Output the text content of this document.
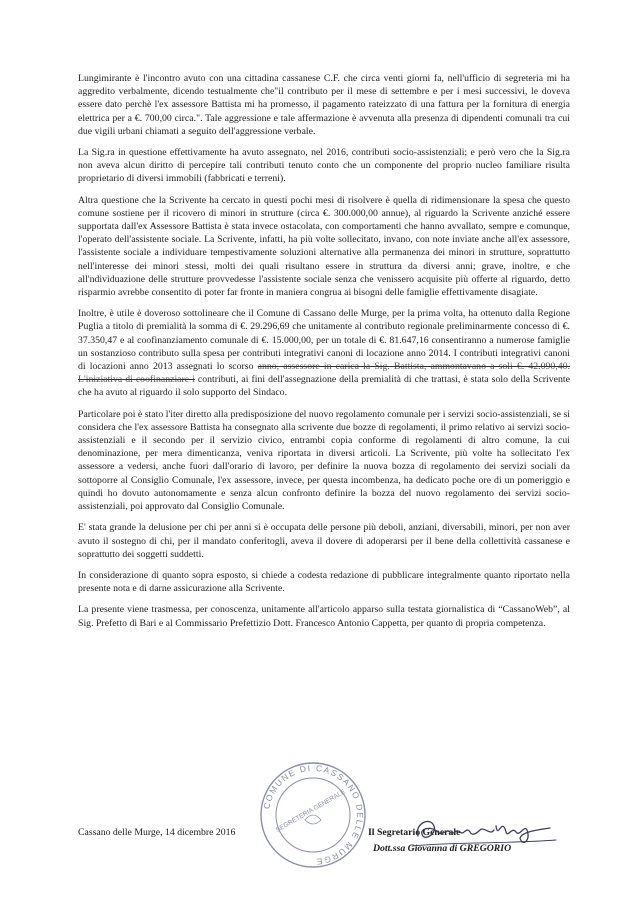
Lungimirante è l'incontro avuto con una cittadina cassanese C.F. che circa venti giorni fa, nell'ufficio di segreteria mi ha aggredito verbalmente, dicendo testualmente che"il contributo per il mese di settembre e per i mesi successivi, le doveva essere dato perchè l'ex assessore Battista mi ha promesso, il pagamento rateizzato di una fattura per la fornitura di energia elettrica per a €. 700,00 circa.". Tale aggressione e tale affermazione è avvenuta alla presenza di dipendenti comunali tra cui due vigili urbani chiamati a seguito dell'aggressione verbale.

La Sig.ra in questione effettivamente ha avuto assegnato, nel 2016, contributi socio-assistenziali; e però vero che la Sig.ra non aveva alcun diritto di percepire tali contributi tenuto conto che un componente del proprio nucleo familiare risulta proprietario di diversi immobili (fabbricati e terreni).

Altra questione che la Scrivente ha cercato in questi pochi mesi di risolvere è quella di ridimensionare la spesa che questo comune sostiene per il ricovero di minori in strutture (circa €. 300.000,00 annue), al riguardo la Scrivente anziché essere supportata dall'ex Assessore Battista è stata invece ostacolata, con comportamenti che hanno avvallato, sempre e comunque, l'operato dell'assistente sociale. La Scrivente, infatti, ha più volte sollecitato, invano, con note inviate anche all'ex assessore, l'assistente sociale a individuare tempestivamente soluzioni alternative alla permanenza dei minori in strutture, soprattutto nell'interesse dei minori stessi, molti dei quali risultano essere in struttura da diversi anni; grave, inoltre, e che all'ndividuazione delle strutture provvedesse l'assistente sociale senza che venissero acquisite più offerte al riguardo, detto risparmio avrebbe consentito di poter far fronte in maniera congrua ai bisogni delle famiglie effettivamente disagiate.

Inoltre, è utile è doveroso sottolineare che il Comune di Cassano delle Murge, per la prima volta, ha ottenuto dalla Regione Puglia a titolo di premialità la somma di €. 29.296,69 che unitamente al contributo regionale preliminarmente concesso di €. 37.350,47 e al coofinanziamento comunale di €. 15.000,00, per un totale di €. 81.647,16 consentiranno a numerose famiglie un sostanzioso contributo sulla spesa per contributi integrativi canoni di locazione anno 2014. I contributi integrativi canoni di locazioni anno 2013 assegnati lo scorso anno, assessore in carica la Sig. Battista, ammontavano a soli €. 42.090,40. L'iniziativa di coofinanziare i contributi, ai fini dell'assegnazione della premialità di che trattasi, è stata solo della Scrivente che ha avuto al riguardo il solo supporto del Sindaco.

Particolare poi è stato l'iter diretto alla predisposizione del nuovo regolamento comunale per i servizi socio-assistenziali, se si considera che l'ex assessore Battista ha consegnato alla scrivente due bozze di regolamenti, il primo relativo ai servizi socio-assistenziali e il secondo per il servizio civico, entrambi copia conforme di regolamenti di altro comune, la cui denominazione, per mera dimenticanza, veniva riportata in diversi articoli. La Scrivente, più volte ha sollecitato l'ex assessore a vedersi, anche fuori dall'orario di lavoro, per definire la nuova bozza di regolamento dei servizi sociali da sottoporre al Consiglio Comunale, l'ex assessore, invece, per questa incombenza, ha dedicato poche ore di un pomeriggio e quindi ho dovuto autonomamente e senza alcun confronto definire la bozza del nuovo regolamento dei servizi socio-assistenziali, poi approvato dal Consiglio Comunale.

E' stata grande la delusione per chi per anni si è occupata delle persone più deboli, anziani, diversabili, minori, per non aver avuto il sostegno di chi, per il mandato conferitogli, aveva il dovere di adoperarsi per il bene della collettività cassanese e soprattutto dei soggetti suddetti.

In considerazione di quanto sopra esposto, si chiede a codesta redazione di pubblicare integralmente quanto riportato nella presente nota e di darne assicurazione alla Scrivente.

La presente viene trasmessa, per conoscenza, unitamente all'articolo apparso sulla testata giornalistica di “CassanoWeb”, al Sig. Prefetto di Bari e al Commissario Prefettizio Dott. Francesco Antonio Cappetta, per quanto di propria competenza.

Cassano delle Murge, 14 dicembre 2016	Il Segretario Generale
Dott.ssa Giovanna di GREGORIO
COMUNE DI CASSANO DELLE MURGE
SEGRETERIA GENERALE
